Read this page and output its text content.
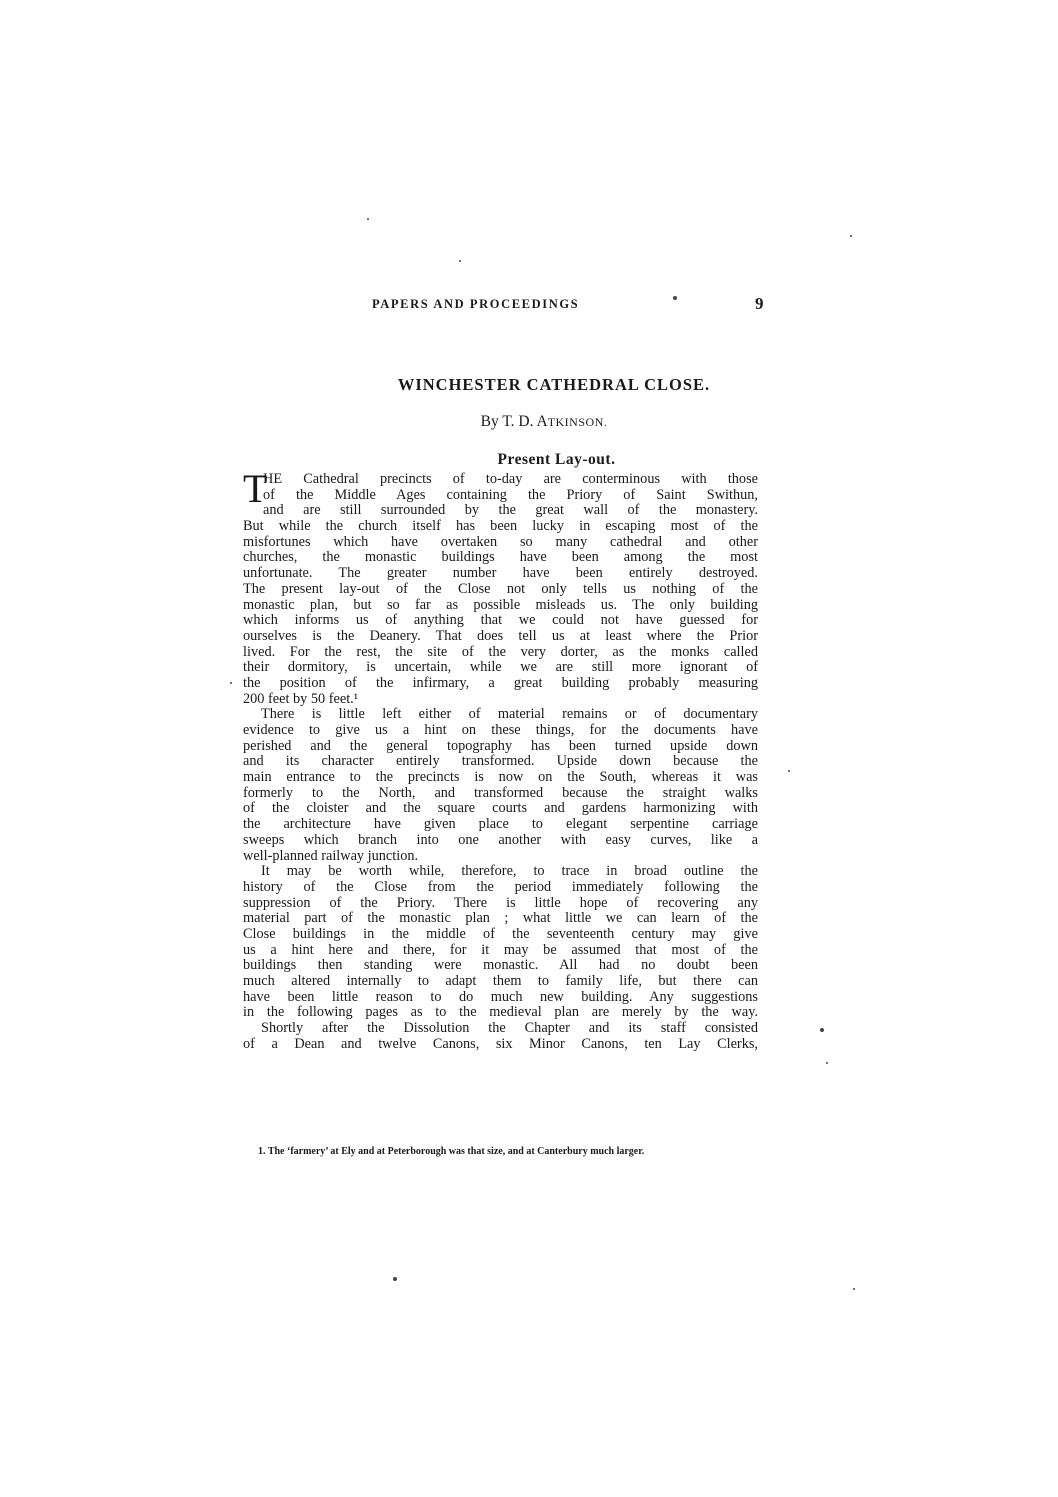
PAPERS AND PROCEEDINGS	9
WINCHESTER CATHEDRAL CLOSE.
By T. D. ATKINSON.
Present Lay-out.
T
HE Cathedral precincts of to-day are conterminous with those
of the Middle Ages containing the Priory of Saint Swithun,
and are still surrounded by the great wall of the monastery.
But while the church itself has been lucky in escaping most of the
misfortunes which have overtaken so many cathedral and other
churches, the monastic buildings have been among the most
unfortunate. The greater number have been entirely destroyed.
The present lay-out of the Close not only tells us nothing of the
monastic plan, but so far as possible misleads us. The only building
which informs us of anything that we could not have guessed for
ourselves is the Deanery. That does tell us at least where the Prior
lived. For the rest, the site of the very dorter, as the monks called
their dormitory, is uncertain, while we are still more ignorant of
the position of the infirmary, a great building probably measuring
200 feet by 50 feet.¹
There is little left either of material remains or of documentary
evidence to give us a hint on these things, for the documents have
perished and the general topography has been turned upside down
and its character entirely transformed. Upside down because the
main entrance to the precincts is now on the South, whereas it was
formerly to the North, and transformed because the straight walks
of the cloister and the square courts and gardens harmonizing with
the architecture have given place to elegant serpentine carriage
sweeps which branch into one another with easy curves, like a
well-planned railway junction.
It may be worth while, therefore, to trace in broad outline the
history of the Close from the period immediately following the
suppression of the Priory. There is little hope of recovering any
material part of the monastic plan ; what little we can learn of the
Close buildings in the middle of the seventeenth century may give
us a hint here and there, for it may be assumed that most of the
buildings then standing were monastic. All had no doubt been
much altered internally to adapt them to family life, but there can
have been little reason to do much new building. Any suggestions
in the following pages as to the medieval plan are merely by the way.
Shortly after the Dissolution the Chapter and its staff consisted
of a Dean and twelve Canons, six Minor Canons, ten Lay Clerks,
1. The ‘farmery’ at Ely and at Peterborough was that size, and at Canterbury much larger.
